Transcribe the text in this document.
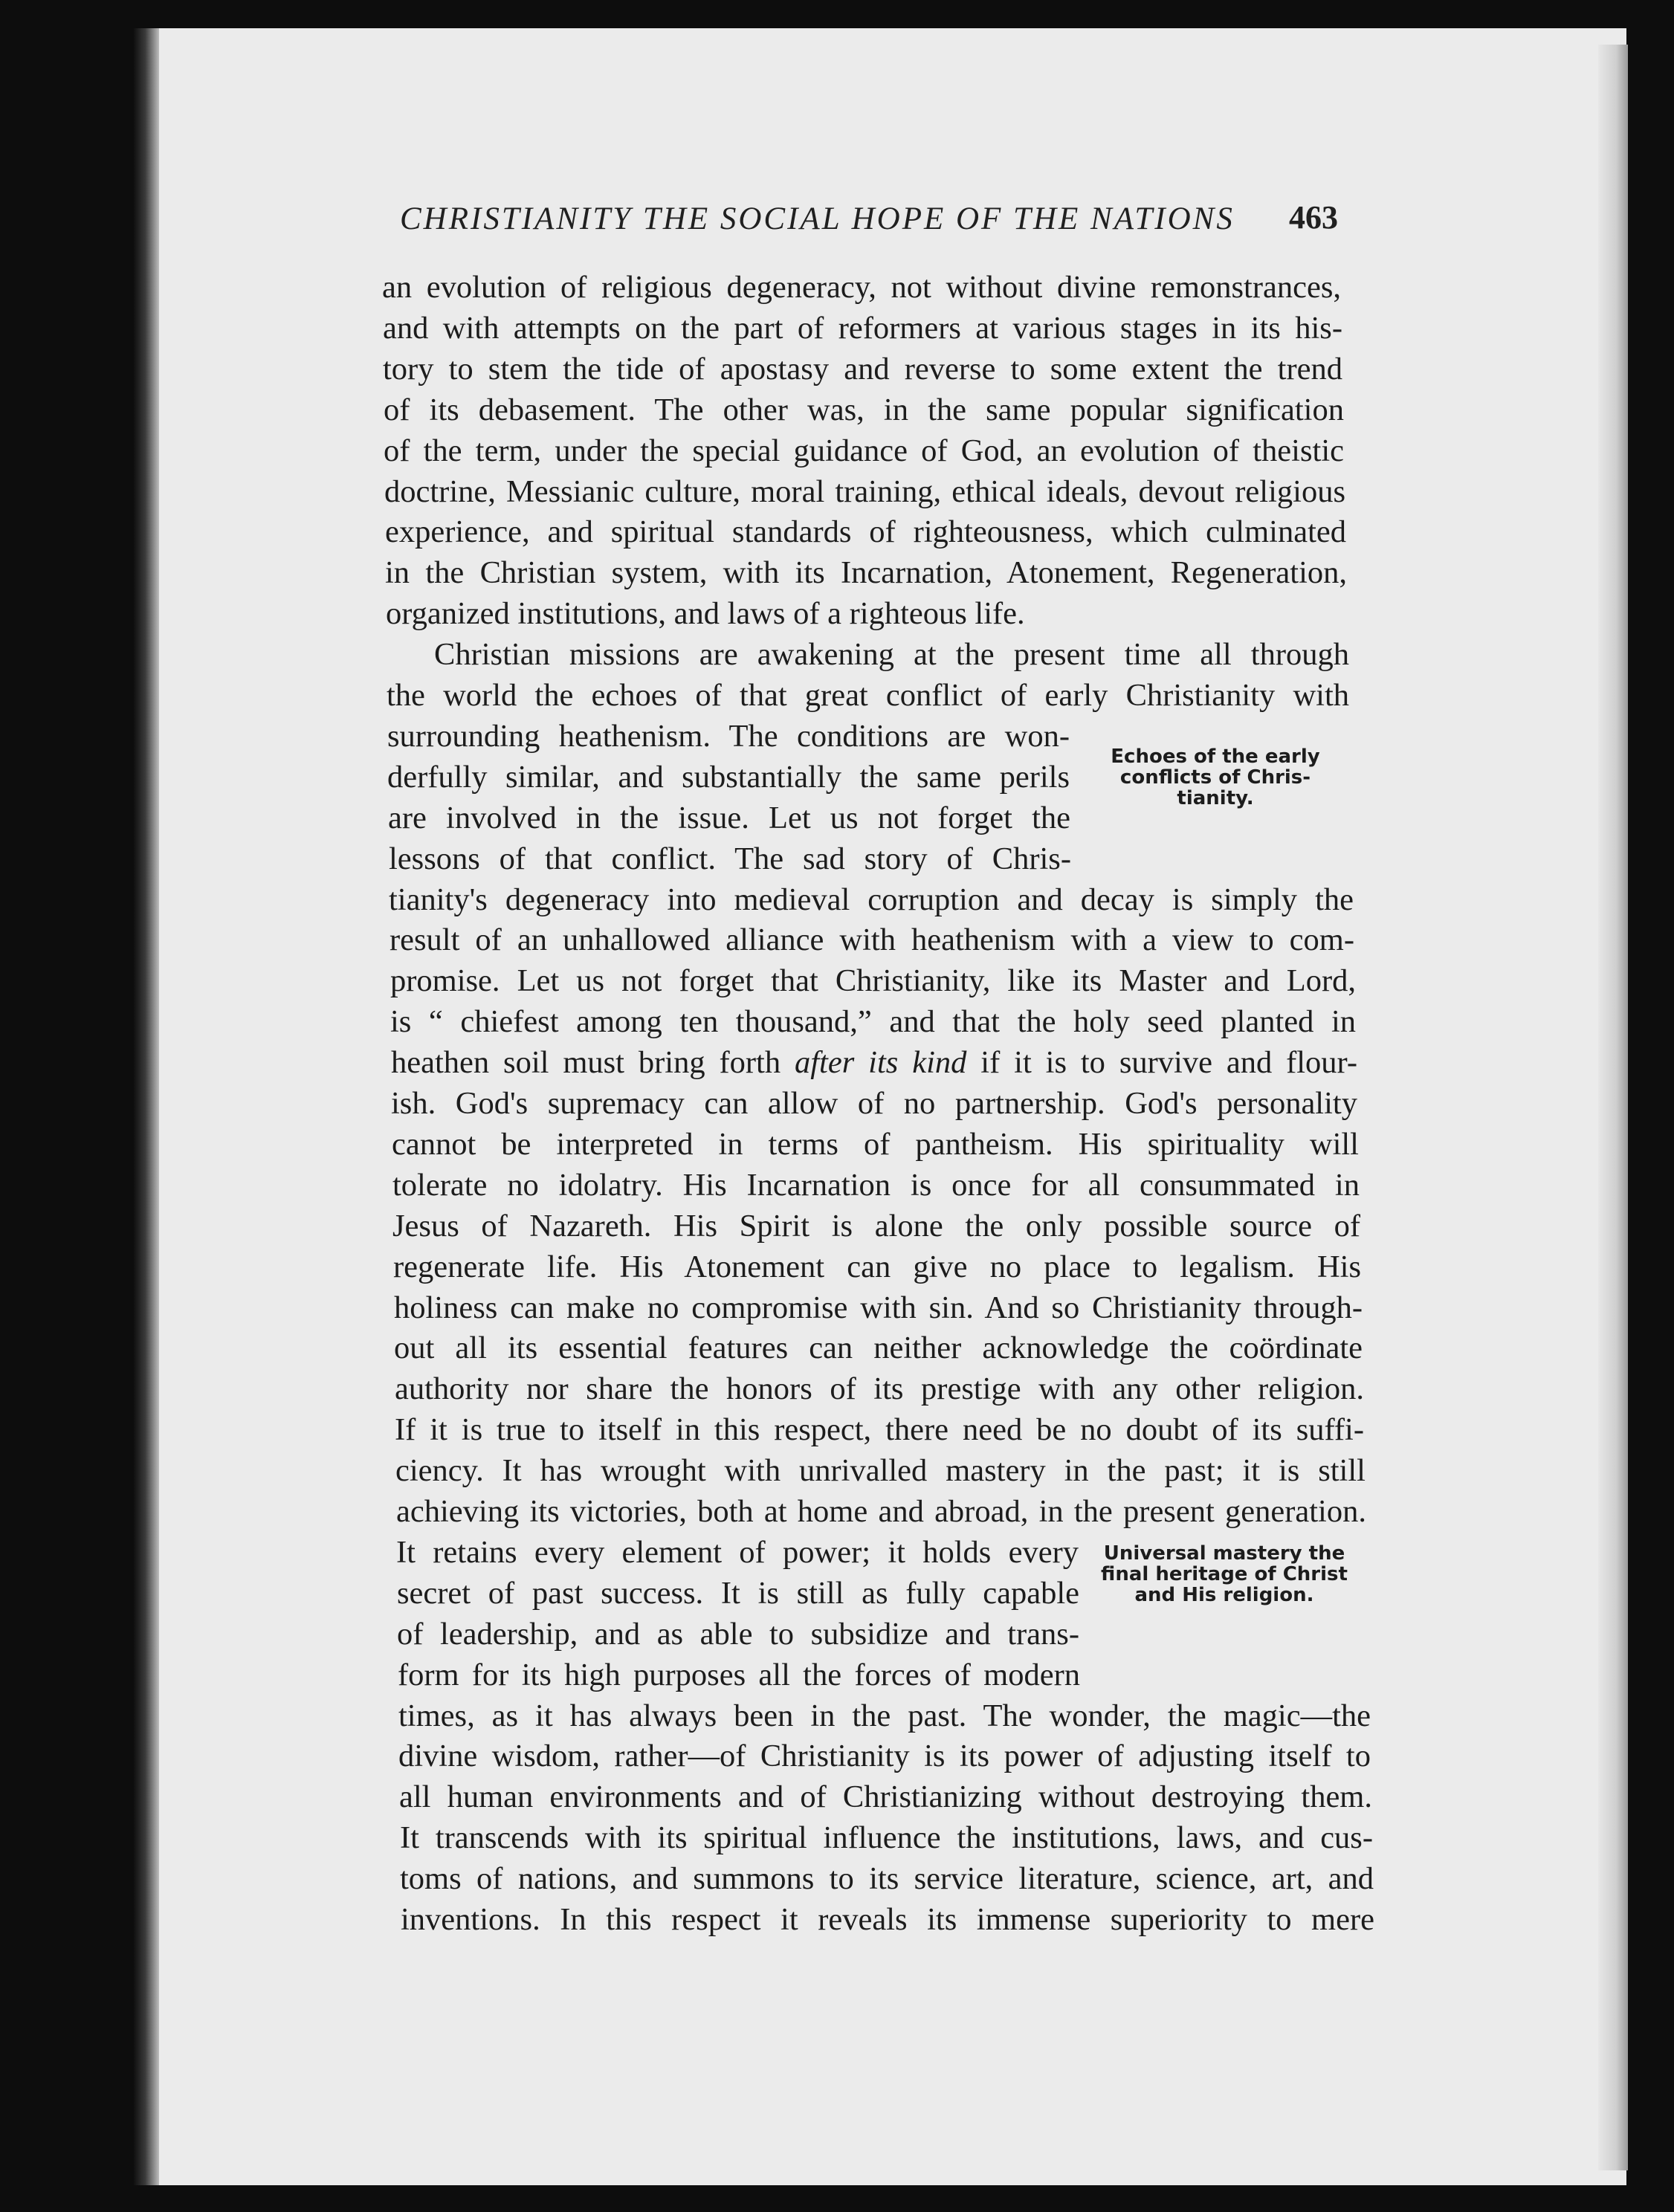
CHRISTIANITY THE SOCIAL HOPE OF THE NATIONS	463
an evolution of religious degeneracy, not without divine remonstrances,
and with attempts on the part of reformers at various stages in its his-
tory to stem the tide of apostasy and reverse to some extent the trend
of its debasement. The other was, in the same popular signification
of the term, under the special guidance of God, an evolution of theistic
doctrine, Messianic culture, moral training, ethical ideals, devout religious
experience, and spiritual standards of righteousness, which culminated
in the Christian system, with its Incarnation, Atonement, Regeneration,
organized institutions, and laws of a righteous life.
Christian missions are awakening at the present time all through
the world the echoes of that great conflict of early Christianity with
surrounding heathenism. The conditions are won-
derfully similar, and substantially the same perils
are involved in the issue. Let us not forget the
lessons of that conflict. The sad story of Chris-
tianity's degeneracy into medieval corruption and decay is simply the
result of an unhallowed alliance with heathenism with a view to com-
promise. Let us not forget that Christianity, like its Master and Lord,
is “ chiefest among ten thousand,” and that the holy seed planted in
heathen soil must bring forth after its kind if it is to survive and flour-
ish. God's supremacy can allow of no partnership. God's personality
cannot be interpreted in terms of pantheism. His spirituality will
tolerate no idolatry. His Incarnation is once for all consummated in
Jesus of Nazareth. His Spirit is alone the only possible source of
regenerate life. His Atonement can give no place to legalism. His
holiness can make no compromise with sin. And so Christianity through-
out all its essential features can neither acknowledge the coördinate
authority nor share the honors of its prestige with any other religion.
If it is true to itself in this respect, there need be no doubt of its suffi-
ciency. It has wrought with unrivalled mastery in the past; it is still
achieving its victories, both at home and abroad, in the present generation.
It retains every element of power; it holds every
secret of past success. It is still as fully capable
of leadership, and as able to subsidize and trans-
form for its high purposes all the forces of modern
times, as it has always been in the past. The wonder, the magic—the
divine wisdom, rather—of Christianity is its power of adjusting itself to
all human environments and of Christianizing without destroying them.
It transcends with its spiritual influence the institutions, laws, and cus-
toms of nations, and summons to its service literature, science, art, and
inventions. In this respect it reveals its immense superiority to mere
Echoes of the early
conflicts of Chris-
tianity.
Universal mastery the
final heritage of Christ
and His religion.
